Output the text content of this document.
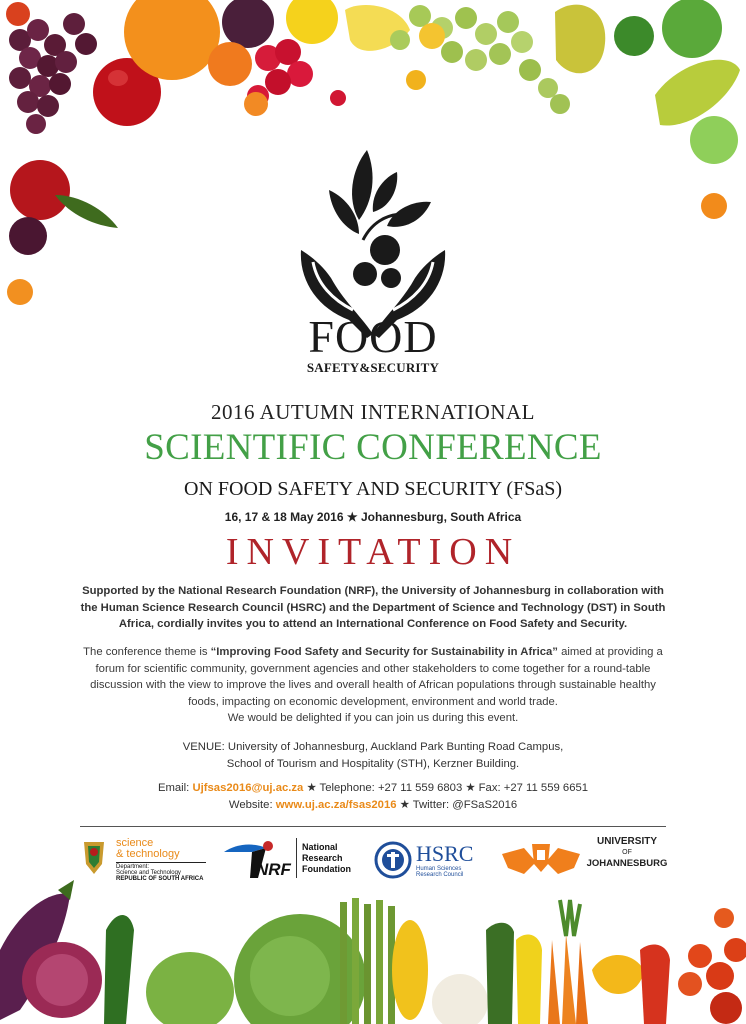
FOOD
SAFETY&SECURITY
2016 AUTUMN INTERNATIONAL
SCIENTIFIC CONFERENCE
ON FOOD SAFETY AND SECURITY (FSaS)
16, 17 & 18 May 2016 ★ Johannesburg, South Africa
INVITATION
Supported by the National Research Foundation (NRF), the University of Johannesburg in collaboration with the Human Science Research Council (HSRC) and the Department of Science and Technology (DST) in South Africa, cordially invites you to attend an International Conference on Food Safety and Security.
The conference theme is “Improving Food Safety and Security for Sustainability in Africa” aimed at providing a forum for scientific community, government agencies and other stakeholders to come together for a round-table discussion with the view to improve the lives and overall health of African populations through sustainable healthy foods, impacting on economic development, environment and world trade.
We would be delighted if you can join us during this event.
VENUE: University of Johannesburg, Auckland Park Bunting Road Campus,
School of Tourism and Hospitality (STH), Kerzner Building.
Email: Ujfsas2016@uj.ac.za ★ Telephone: +27 11 559 6803 ★ Fax: +27 11 559 6651
Website: www.uj.ac.za/fsas2016 ★ Twitter: @FSaS2016
science
& technology
Department:
Science and Technology
REPUBLIC OF SOUTH AFRICA	NRF
National
Research
Foundation
HSRC
Human Sciences
Research Council
UNIVERSITY
OF
JOHANNESBURG
